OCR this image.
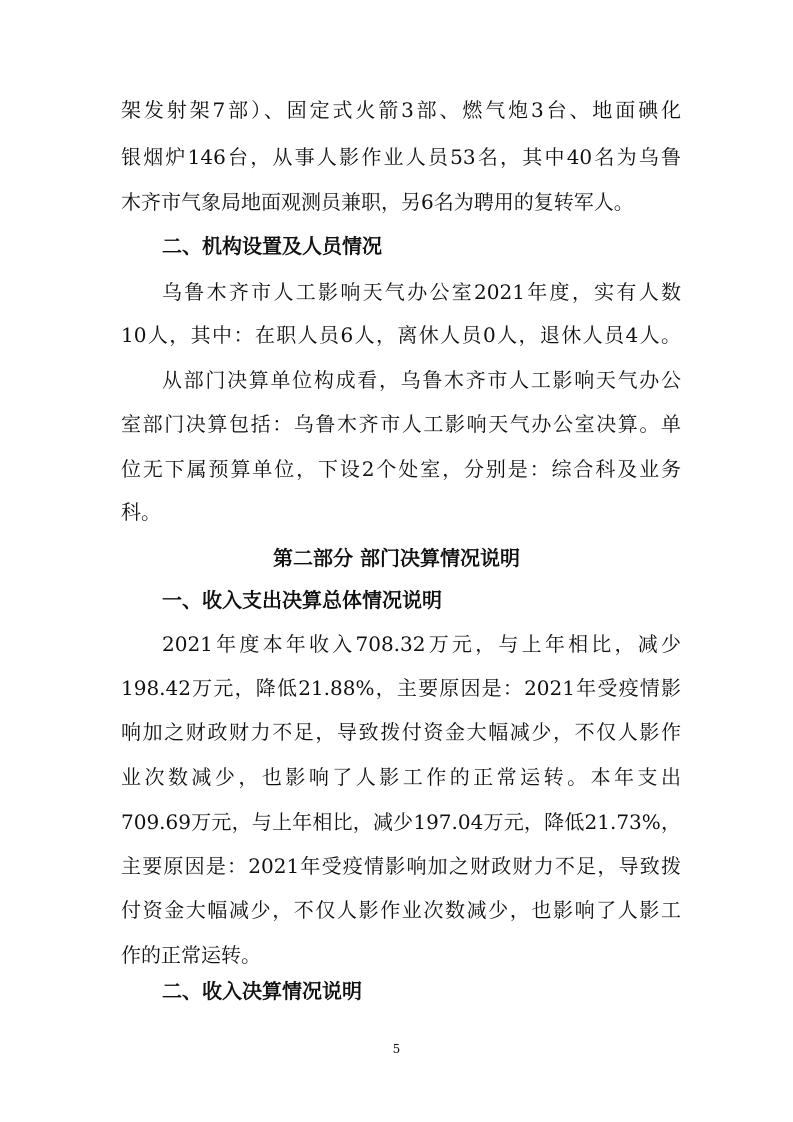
架发射架7部）、固定式火箭3部、燃气炮3台、地面碘化
银烟炉146台，从事人影作业人员53名，其中40名为乌鲁
木齐市气象局地面观测员兼职，另6名为聘用的复转军人。
二、机构设置及人员情况
乌鲁木齐市人工影响天气办公室2021年度，实有人数
10人，其中：在职人员6人，离休人员0人，退休人员4人。
从部门决算单位构成看，乌鲁木齐市人工影响天气办公
室部门决算包括：乌鲁木齐市人工影响天气办公室决算。单
位无下属预算单位，下设2个处室，分别是：综合科及业务
科。
第二部分 部门决算情况说明
一、收入支出决算总体情况说明
2021年度本年收入708.32万元，与上年相比，减少
198.42万元，降低21.88%，主要原因是：2021年受疫情影
响加之财政财力不足，导致拨付资金大幅减少，不仅人影作
业次数减少，也影响了人影工作的正常运转。本年支出
709.69万元，与上年相比，减少197.04万元，降低21.73%，
主要原因是：2021年受疫情影响加之财政财力不足，导致拨
付资金大幅减少，不仅人影作业次数减少，也影响了人影工
作的正常运转。
二、收入决算情况说明
5
